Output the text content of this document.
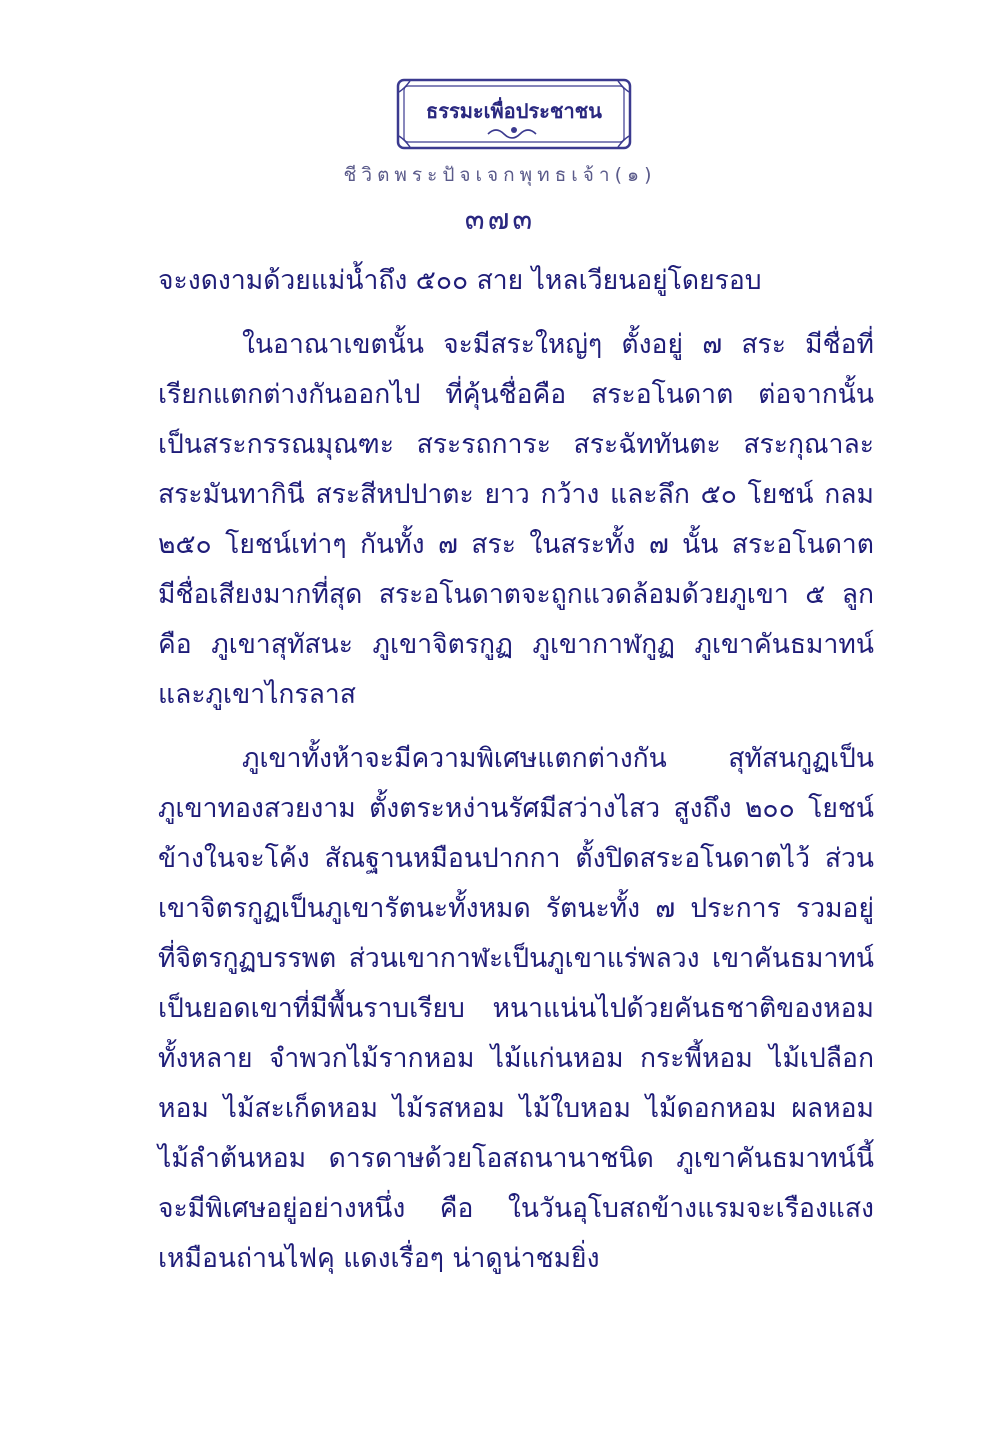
ธรรมะเพื่อประชาชน
ชีวิตพระปัจเจกพุทธเจ้า(๑)
๓๗๓
จะงดงามด้วยแม่น้ำถึง ๕๐๐ สาย ไหลเวียนอยู่โดยรอบ
ในอาณาเขตนั้น จะมีสระใหญ่ๆ ตั้งอยู่ ๗ สระ มีชื่อที่
เรียกแตกต่างกันออกไป ที่คุ้นชื่อคือ สระอโนดาต ต่อจากนั้น
เป็นสระกรรณมุณฑะ สระรถการะ สระฉัททันตะ สระกุณาละ
สระมันทากินี สระสีหปปาตะ ยาว กว้าง และลึก ๕๐ โยชน์ กลม
๒๕๐ โยชน์เท่าๆ กันทั้ง ๗ สระ ในสระทั้ง ๗ นั้น สระอโนดาต
มีชื่อเสียงมากที่สุด สระอโนดาตจะถูกแวดล้อมด้วยภูเขา ๕ ลูก
คือ ภูเขาสุทัสนะ ภูเขาจิตรกูฏ ภูเขากาฬกูฏ ภูเขาคันธมาทน์
และภูเขาไกรลาส
ภูเขาทั้งห้าจะมีความพิเศษแตกต่างกัน สุทัสนกูฏเป็น
ภูเขาทองสวยงาม ตั้งตระหง่านรัศมีสว่างไสว สูงถึง ๒๐๐ โยชน์
ข้างในจะโค้ง สัณฐานหมือนปากกา ตั้งปิดสระอโนดาตไว้ ส่วน
เขาจิตรกูฏเป็นภูเขารัตนะทั้งหมด รัตนะทั้ง ๗ ประการ รวมอยู่
ที่จิตรกูฏบรรพต ส่วนเขากาฬะเป็นภูเขาแร่พลวง เขาคันธมาทน์
เป็นยอดเขาที่มีพื้นราบเรียบ หนาแน่นไปด้วยคันธชาติของหอม
ทั้งหลาย จำพวกไม้รากหอม ไม้แก่นหอม กระพี้หอม ไม้เปลือก
หอม ไม้สะเก็ดหอม ไม้รสหอม ไม้ใบหอม ไม้ดอกหอม ผลหอม
ไม้ลำต้นหอม ดารดาษด้วยโอสถนานาชนิด ภูเขาคันธมาทน์นี้
จะมีพิเศษอยู่อย่างหนึ่ง คือ ในวันอุโบสถข้างแรมจะเรืองแสง
เหมือนถ่านไฟคุ แดงเรื่อๆ น่าดูน่าชมยิ่ง
